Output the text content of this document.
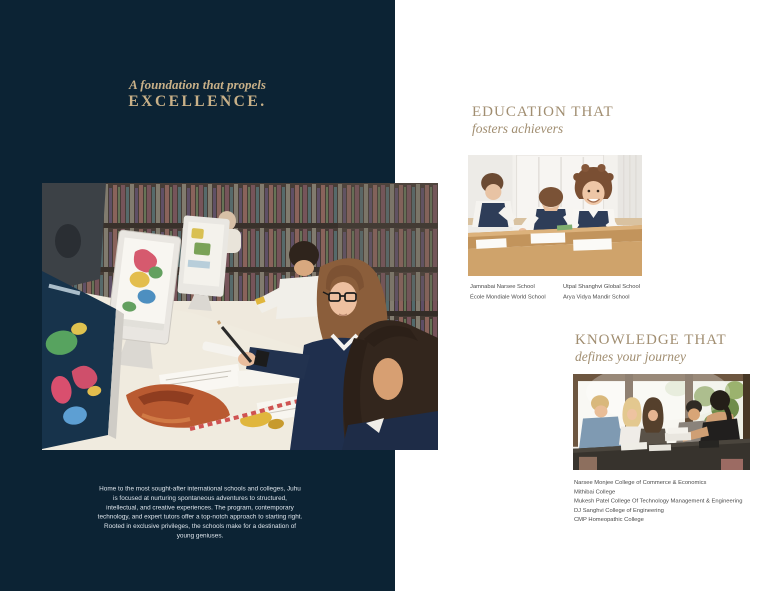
A foundation that propels
EXCELLENCE.

Home to the most sought-after international schools and colleges, Juhu is focused at nurturing spontaneous adventures to structured, intellectual, and creative experiences. The program, contemporary technology, and expert tutors offer a top-notch approach to starting right. Rooted in exclusive privileges, the schools make for a destination of young geniuses.

EDUCATION THAT
fosters achievers
Jamnabai Narsee School
École Mondiale World School
Utpal Shanghvi Global School
Arya Vidya Mandir School
KNOWLEDGE THAT
defines your journey
Narsee Monjee College of Commerce & Economics
Mithibai College
Mukesh Patel College Of Technology Management & Engineering
DJ Sanghvi College of Engineering
CMP Homeopathic College
